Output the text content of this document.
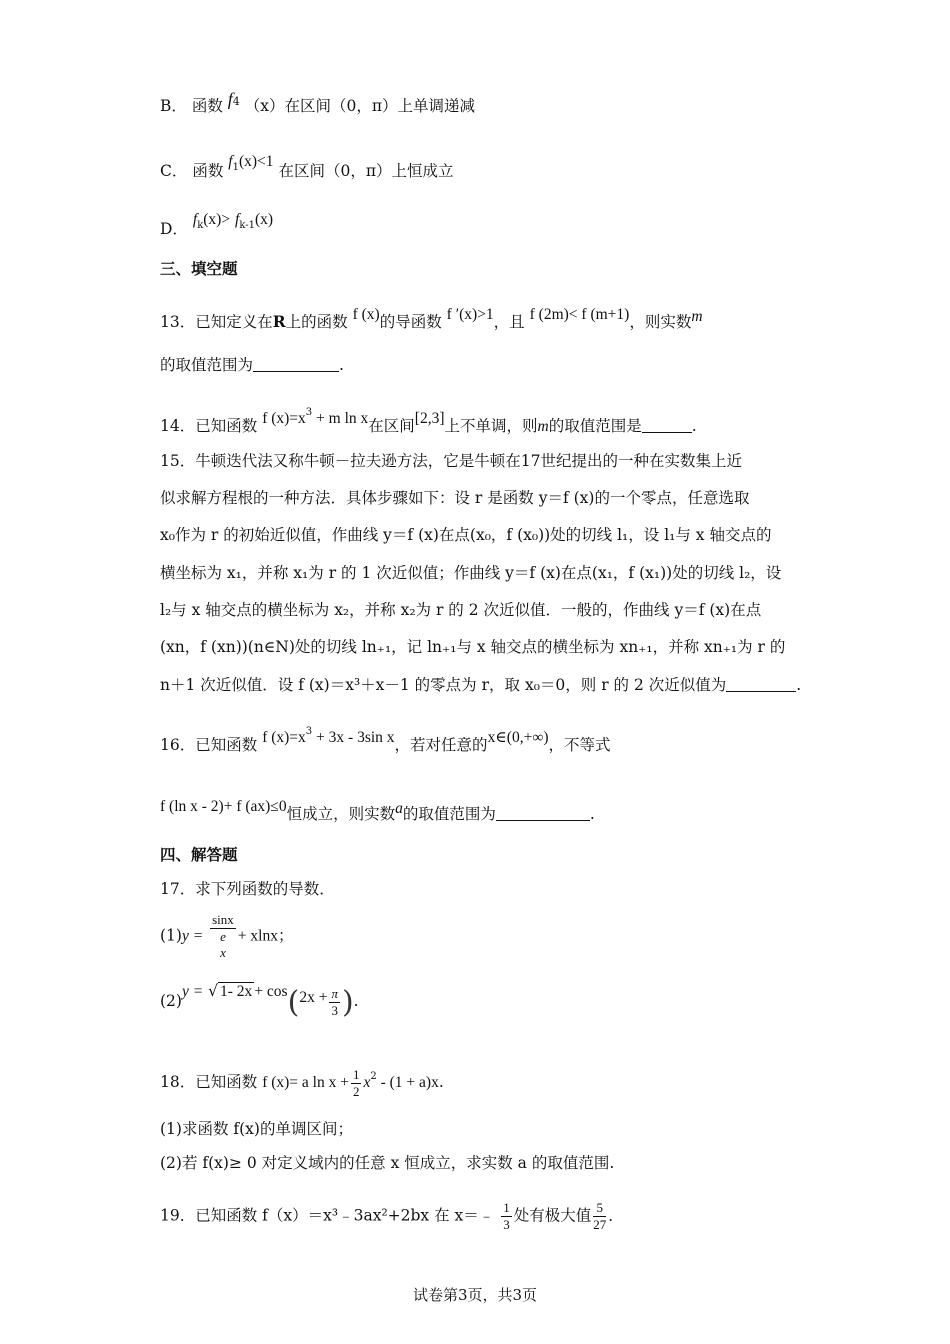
B． 函数 $f^4$ （x）在区间（0，π）上单调递减
C． 函数 $f_1(x)<1$ 在区间（0，π）上恒成立
D． $f_k(x)> f_{k-1}(x)$
三、填空题
13．已知定义在R上的函数 f (x)的导函数 f ′(x)>1，且 f (2m)< f (m+1)，则实数m
的取值范围为	.
14．已知函数 f $(x)=x^3 + m$ ln x在区间[2,3]上不单调，则m的取值范围是	.
15．牛顿迭代法又称牛顿－拉夫逊方法，它是牛顿在17世纪提出的一种在实数集上近
似求解方程根的一种方法．具体步骤如下：设 r 是函数 y＝f (x)的一个零点，任意选取
x₀作为 r 的初始近似值，作曲线 y＝f (x)在点(x₀，f (x₀))处的切线 l₁，设 l₁与 x 轴交点的
横坐标为 x₁，并称 x₁为 r 的 1 次近似值；作曲线 y＝f (x)在点(x₁，f (x₁))处的切线 l₂，设
l₂与 x 轴交点的横坐标为 x₂，并称 x₂为 r 的 2 次近似值．一般的，作曲线 y＝f (x)在点
(xn，f (xn))(n∈N)处的切线 ln₊₁，记 ln₊₁与 x 轴交点的横坐标为 xn₊₁，并称 xn₊₁为 r 的
n＋1 次近似值．设 f (x)＝x³＋x－1 的零点为 r，取 x₀＝0，则 r 的 2 次近似值为	.
16．已知函数 f $(x)=x^3 + 3x - 3\sin$ x，若对任意的x∈(0,+∞)，不等式
f (ln x - 2)+ f (ax)≤0恒成立，则实数a的取值范围为	.
四、解答题
17．求下列函数的导数．
(1)y = sinx
e
x + xlnx；
(2)y = √ 1- $2x + \cos(2x + \frac{\pi}{3}$ ).
18．已知函数 f (x)= a $\ln x + \frac{1}{2} x^2 - (1 + a)x$.
(1)求函数 f(x)的单调区间；
(2)若 f(x)≥ 0 对定义域内的任意 x 恒成立，求实数 a 的取值范围.
19．已知函数 f（x）＝x³﹣3ax²+2bx 在 x＝﹣ $\frac{1}{3}$ 处有极大值 $\frac{5}{27}$ ．
试卷第3页，共3页
